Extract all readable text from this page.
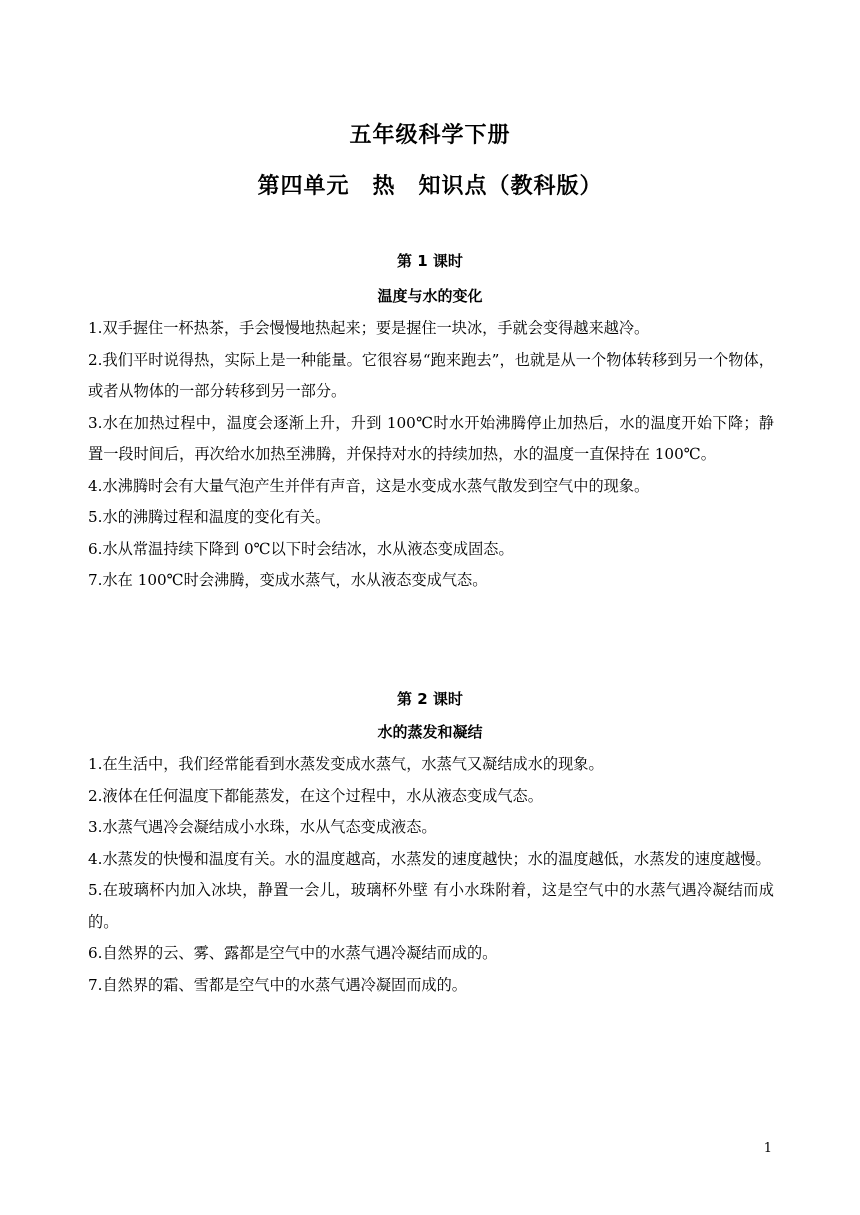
五年级科学下册
第四单元　热　知识点（教科版）
第 1 课时
温度与水的变化
1.双手握住一杯热茶，手会慢慢地热起来；要是握住一块冰，手就会变得越来越冷。
2.我们平时说得热，实际上是一种能量。它很容易“跑来跑去”，也就是从一个物体转移到另一个物体，或者从物体的一部分转移到另一部分。
3.水在加热过程中，温度会逐渐上升，升到 100℃时水开始沸腾停止加热后，水的温度开始下降；静置一段时间后，再次给水加热至沸腾，并保持对水的持续加热，水的温度一直保持在 100℃。
4.水沸腾时会有大量气泡产生并伴有声音，这是水变成水蒸气散发到空气中的现象。
5.水的沸腾过程和温度的变化有关。
6.水从常温持续下降到 0℃以下时会结冰，水从液态变成固态。
7.水在 100℃时会沸腾，变成水蒸气，水从液态变成气态。
第 2 课时
水的蒸发和凝结
1.在生活中，我们经常能看到水蒸发变成水蒸气，水蒸气又凝结成水的现象。
2.液体在任何温度下都能蒸发，在这个过程中，水从液态变成气态。
3.水蒸气遇冷会凝结成小水珠，水从气态变成液态。
4.水蒸发的快慢和温度有关。水的温度越高，水蒸发的速度越快；水的温度越低，水蒸发的速度越慢。
5.在玻璃杯内加入冰块，静置一会儿，玻璃杯外壁 有小水珠附着，这是空气中的水蒸气遇冷凝结而成的。
6.自然界的云、雾、露都是空气中的水蒸气遇冷凝结而成的。
7.自然界的霜、雪都是空气中的水蒸气遇冷凝固而成的。
1
